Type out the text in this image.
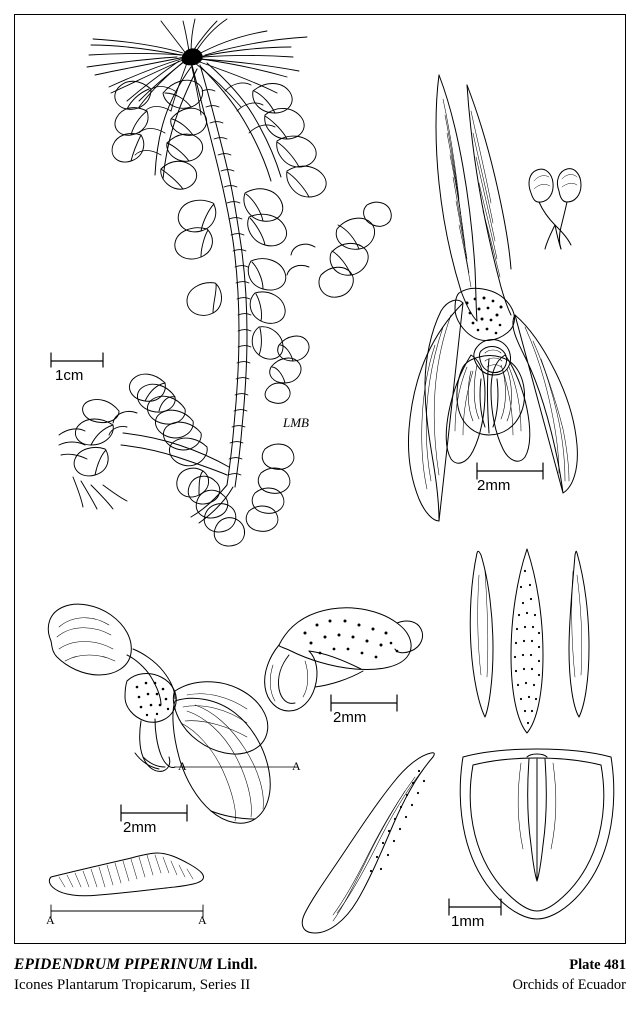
1cm
2mm
2mm
2mm
1mm
LMB
A	A
A	A
EPIDENDRUM PIPERINUM Lindl.
Icones Plantarum Tropicarum, Series II
Plate 481
Orchids of Ecuador
